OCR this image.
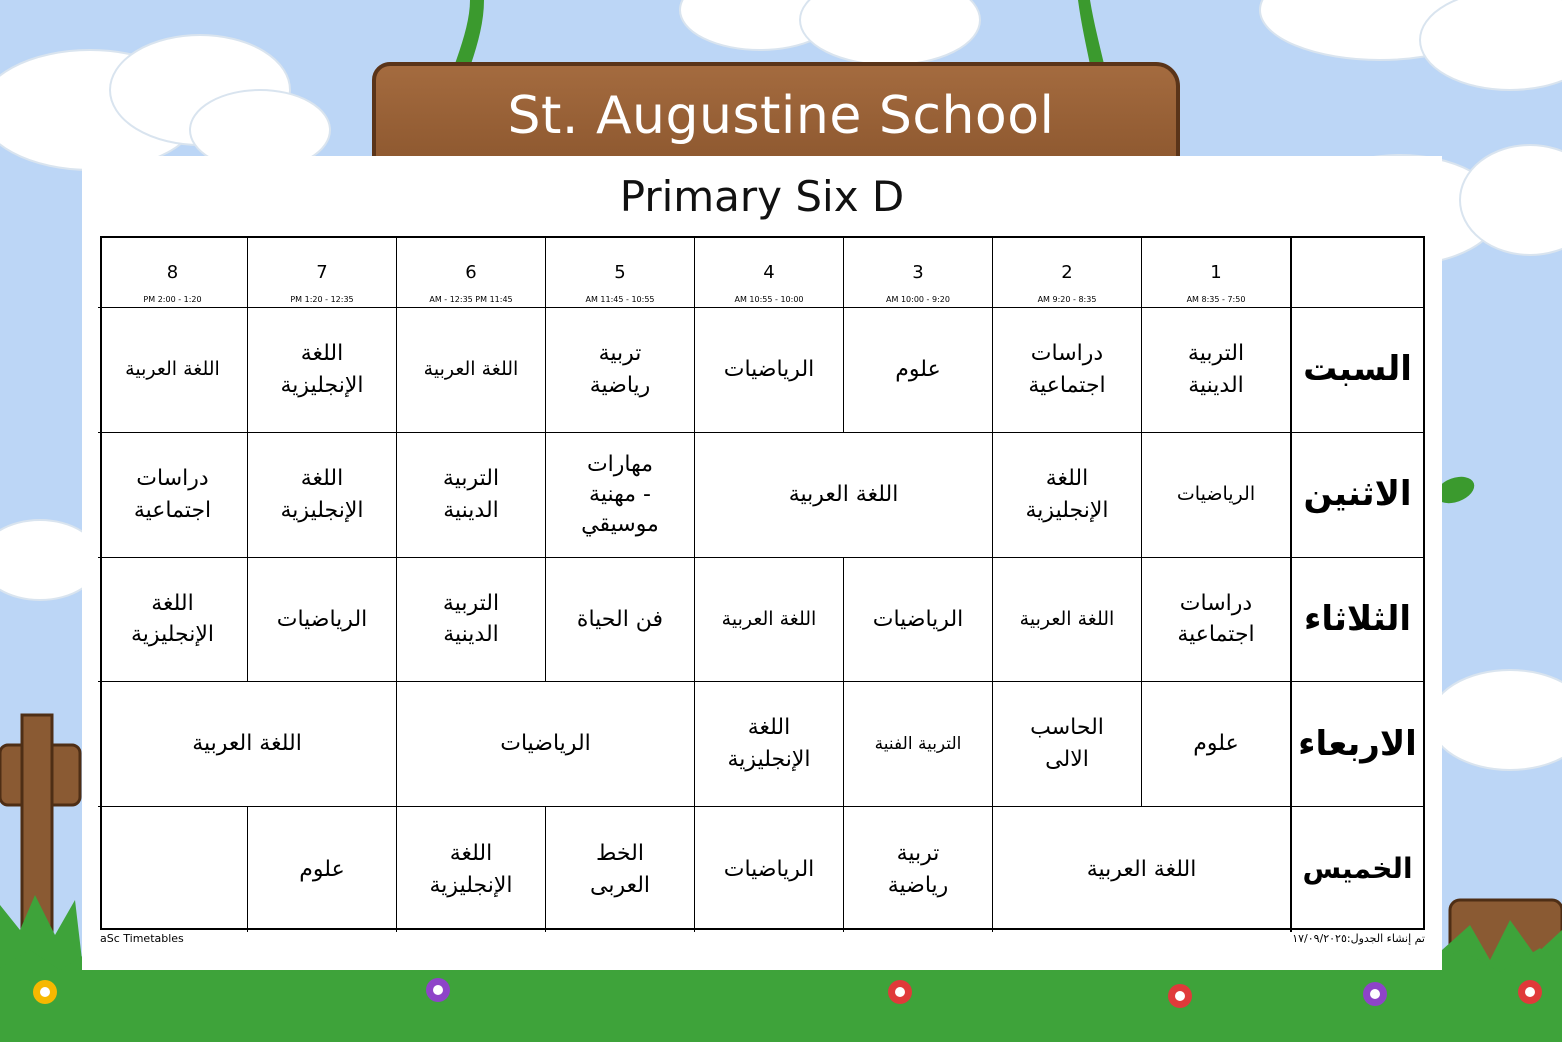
St. Augustine School
Primary Six D
1
7:50 - 8:35 AM
2
8:35 - 9:20 AM
3
9:20 - 10:00 AM
4
10:00 - 10:55 AM
5
10:55 - 11:45 AM
6
11:45 AM - 12:35 PM
7
12:35 - 1:20 PM
8
1:20 - 2:00 PM
السبت
التربية
الدينية
دراسات
اجتماعية
علوم
الرياضيات
تربية
رياضية
اللغة العربية
اللغة
الإنجليزية
اللغة العربية
الاثنين
الرياضيات
اللغة
الإنجليزية
اللغة العربية
مهارات
- مهنية
موسيقي
التربية
الدينية
اللغة
الإنجليزية
دراسات
اجتماعية
الثلاثاء
دراسات
اجتماعية
اللغة العربية
الرياضيات
اللغة العربية
فن الحياة
التربية
الدينية
الرياضيات
اللغة
الإنجليزية
الاربعاء
علوم
الحاسب
الالى
التربية الفنية
اللغة
الإنجليزية
الرياضيات
اللغة العربية
الخميس
اللغة العربية
تربية
رياضية
الرياضيات
الخط
العربى
اللغة
الإنجليزية
علوم
aSc Timetables	تم إنشاء الجدول:١٧/٠٩/٢٠٢٥
